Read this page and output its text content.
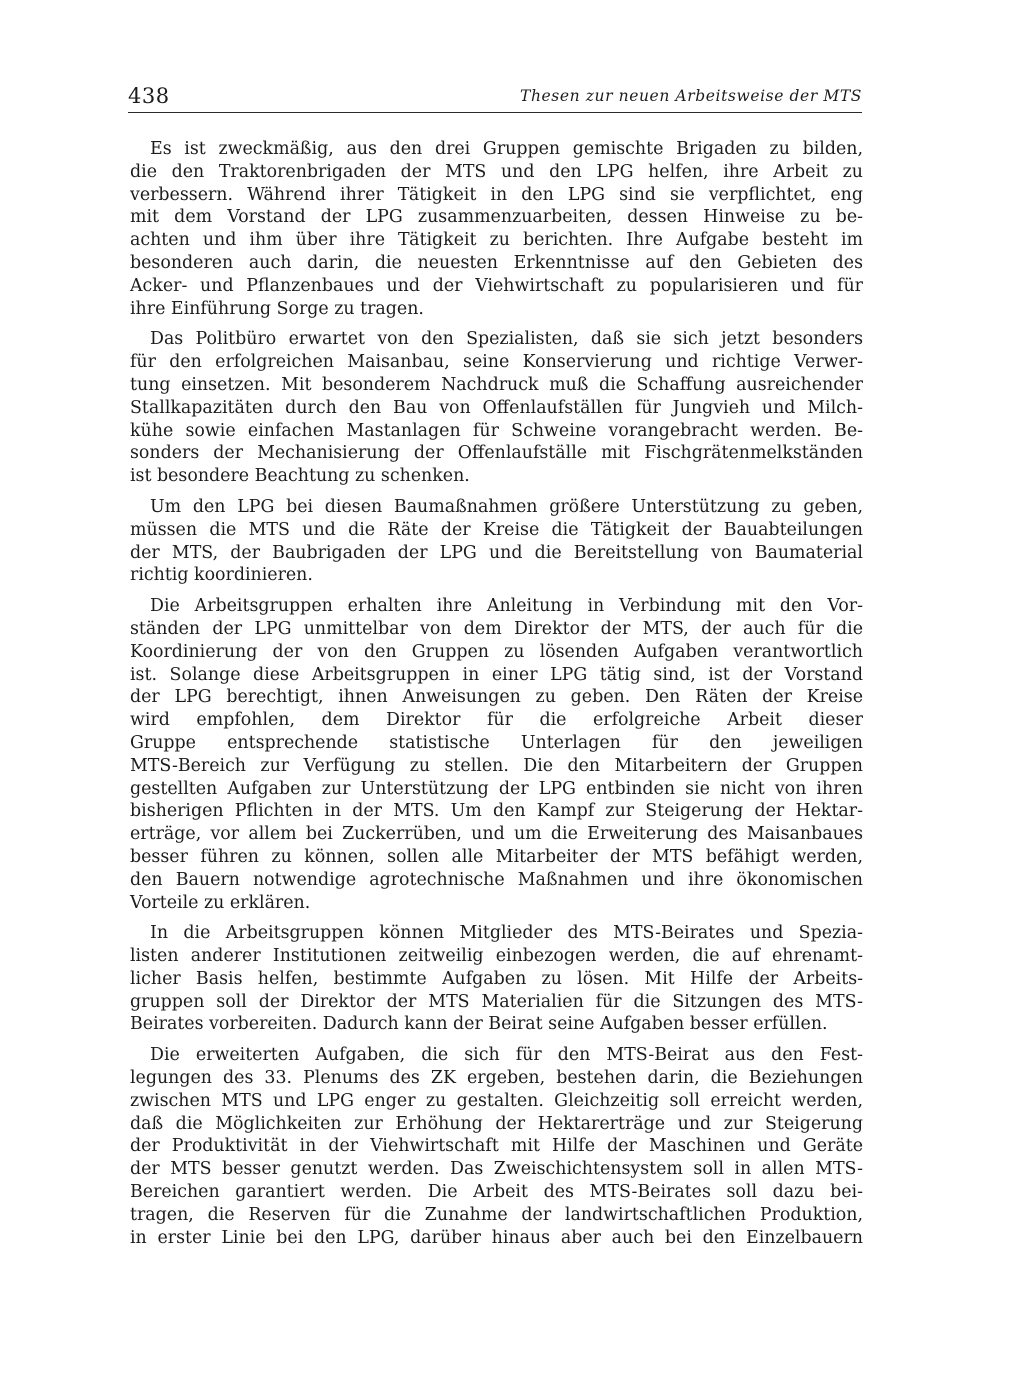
438	Thesen zur neuen Arbeitsweise der MTS
Es ist zweckmäßig, aus den drei Gruppen gemischte Brigaden zu bilden,
die den Traktorenbrigaden der MTS und den LPG helfen, ihre Arbeit zu
verbessern. Während ihrer Tätigkeit in den LPG sind sie verpflichtet, eng
mit dem Vorstand der LPG zusammenzuarbeiten, dessen Hinweise zu be-
achten und ihm über ihre Tätigkeit zu berichten. Ihre Aufgabe besteht im
besonderen auch darin, die neuesten Erkenntnisse auf den Gebieten des
Acker- und Pflanzenbaues und der Viehwirtschaft zu popularisieren und für
ihre Einführung Sorge zu tragen.
Das Politbüro erwartet von den Spezialisten, daß sie sich jetzt besonders
für den erfolgreichen Maisanbau, seine Konservierung und richtige Verwer-
tung einsetzen. Mit besonderem Nachdruck muß die Schaffung ausreichender
Stallkapazitäten durch den Bau von Offenlaufställen für Jungvieh und Milch-
kühe sowie einfachen Mastanlagen für Schweine vorangebracht werden. Be-
sonders der Mechanisierung der Offenlaufställe mit Fischgrätenmelkständen
ist besondere Beachtung zu schenken.
Um den LPG bei diesen Baumaßnahmen größere Unterstützung zu geben,
müssen die MTS und die Räte der Kreise die Tätigkeit der Bauabteilungen
der MTS, der Baubrigaden der LPG und die Bereitstellung von Baumaterial
richtig koordinieren.
Die Arbeitsgruppen erhalten ihre Anleitung in Verbindung mit den Vor-
ständen der LPG unmittelbar von dem Direktor der MTS, der auch für die
Koordinierung der von den Gruppen zu lösenden Aufgaben verantwortlich
ist. Solange diese Arbeitsgruppen in einer LPG tätig sind, ist der Vorstand
der LPG berechtigt, ihnen Anweisungen zu geben. Den Räten der Kreise
wird empfohlen, dem Direktor für die erfolgreiche Arbeit dieser
Gruppe entsprechende statistische Unterlagen für den jeweiligen
MTS-Bereich zur Verfügung zu stellen. Die den Mitarbeitern der Gruppen
gestellten Aufgaben zur Unterstützung der LPG entbinden sie nicht von ihren
bisherigen Pflichten in der MTS. Um den Kampf zur Steigerung der Hektar-
erträge, vor allem bei Zuckerrüben, und um die Erweiterung des Maisanbaues
besser führen zu können, sollen alle Mitarbeiter der MTS befähigt werden,
den Bauern notwendige agrotechnische Maßnahmen und ihre ökonomischen
Vorteile zu erklären.
In die Arbeitsgruppen können Mitglieder des MTS-Beirates und Spezia-
listen anderer Institutionen zeitweilig einbezogen werden, die auf ehrenamt-
licher Basis helfen, bestimmte Aufgaben zu lösen. Mit Hilfe der Arbeits-
gruppen soll der Direktor der MTS Materialien für die Sitzungen des MTS-
Beirates vorbereiten. Dadurch kann der Beirat seine Aufgaben besser erfüllen.
Die erweiterten Aufgaben, die sich für den MTS-Beirat aus den Fest-
legungen des 33. Plenums des ZK ergeben, bestehen darin, die Beziehungen
zwischen MTS und LPG enger zu gestalten. Gleichzeitig soll erreicht werden,
daß die Möglichkeiten zur Erhöhung der Hektarerträge und zur Steigerung
der Produktivität in der Viehwirtschaft mit Hilfe der Maschinen und Geräte
der MTS besser genutzt werden. Das Zweischichtensystem soll in allen MTS-
Bereichen garantiert werden. Die Arbeit des MTS-Beirates soll dazu bei-
tragen, die Reserven für die Zunahme der landwirtschaftlichen Produktion,
in erster Linie bei den LPG, darüber hinaus aber auch bei den Einzelbauern
